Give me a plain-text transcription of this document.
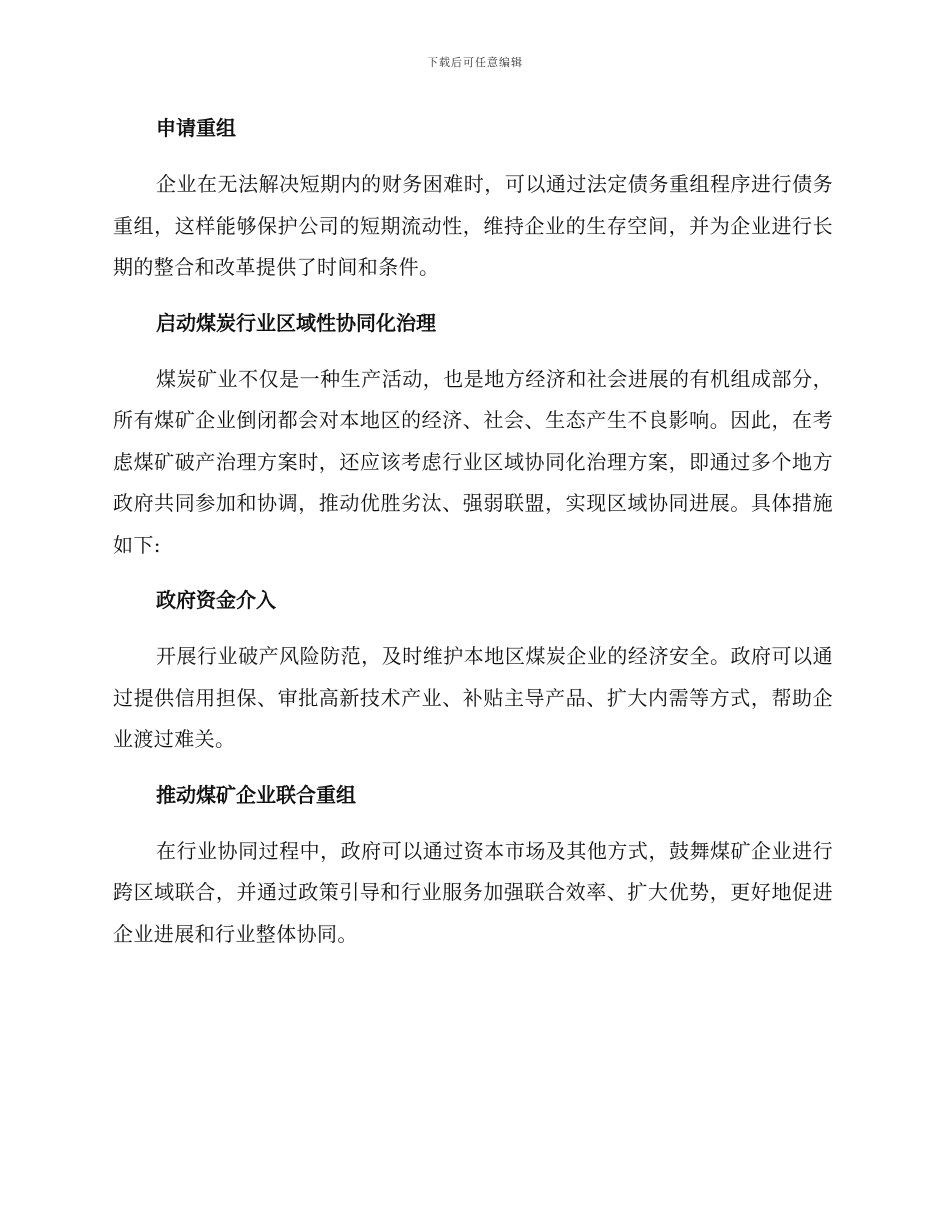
下载后可任意编辑
申请重组

企业在无法解决短期内的财务困难时，可以通过法定债务重组程序进行债务重组，这样能够保护公司的短期流动性，维持企业的生存空间，并为企业进行长期的整合和改革提供了时间和条件。

启动煤炭行业区域性协同化治理

煤炭矿业不仅是一种生产活动，也是地方经济和社会进展的有机组成部分，所有煤矿企业倒闭都会对本地区的经济、社会、生态产生不良影响。因此，在考虑煤矿破产治理方案时，还应该考虑行业区域协同化治理方案，即通过多个地方政府共同参加和协调，推动优胜劣汰、强弱联盟，实现区域协同进展。具体措施如下:

政府资金介入

开展行业破产风险防范，及时维护本地区煤炭企业的经济安全。政府可以通过提供信用担保、审批高新技术产业、补贴主导产品、扩大内需等方式，帮助企业渡过难关。

推动煤矿企业联合重组

在行业协同过程中，政府可以通过资本市场及其他方式，鼓舞煤矿企业进行跨区域联合，并通过政策引导和行业服务加强联合效率、扩大优势，更好地促进企业进展和行业整体协同。
